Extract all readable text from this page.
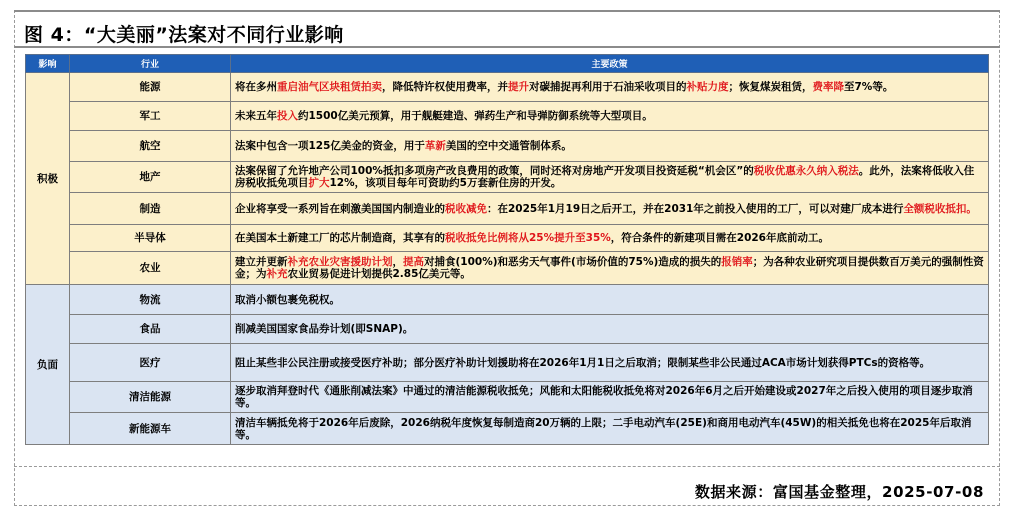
图 4：“大美丽”法案对不同行业影响
影响	行业	主要政策
积极	能源	将在多州重启油气区块租赁拍卖，降低特许权使用费率，并提升对碳捕捉再利用于石油采收项目的补贴力度；恢复煤炭租赁，费率降至7%等。
	军工	未来五年投入约1500亿美元预算，用于舰艇建造、弹药生产和导弹防御系统等大型项目。
	航空	法案中包含一项125亿美金的资金，用于革新美国的空中交通管制体系。
	地产	法案保留了允许地产公司100%抵扣多项房产改良费用的政策，同时还将对房地产开发项目投资延税“机会区”的税收优惠永久纳入税法。此外，法案将低收入住房税收抵免项目扩大12%，该项目每年可资助约5万套新住房的开发。
	制造	企业将享受一系列旨在刺激美国国内制造业的税收减免：在2025年1月19日之后开工，并在2031年之前投入使用的工厂，可以对建厂成本进行全额税收抵扣。
	半导体	在美国本土新建工厂的芯片制造商，其享有的税收抵免比例将从25%提升至35%，符合条件的新建项目需在2026年底前动工。
	农业	建立并更新补充农业灾害援助计划，提高对捕食(100%)和恶劣天气事件(市场价值的75%)造成的损失的报销率；为各种农业研究项目提供数百万美元的强制性资金；为补充农业贸易促进计划提供2.85亿美元等。
负面	物流	取消小额包裹免税权。
	食品	削减美国国家食品券计划(即SNAP)。
	医疗	阻止某些非公民注册或接受医疗补助；部分医疗补助计划援助将在2026年1月1日之后取消；限制某些非公民通过ACA市场计划获得PTCs的资格等。
	清洁能源	逐步取消拜登时代《通胀削减法案》中通过的清洁能源税收抵免；风能和太阳能税收抵免将对2026年6月之后开始建设或2027年之后投入使用的项目逐步取消等。
	新能源车	清洁车辆抵免将于2026年后废除，2026纳税年度恢复每制造商20万辆的上限；二手电动汽车(25E)和商用电动汽车(45W)的相关抵免也将在2025年后取消等。
数据来源：富国基金整理，2025-07-08
